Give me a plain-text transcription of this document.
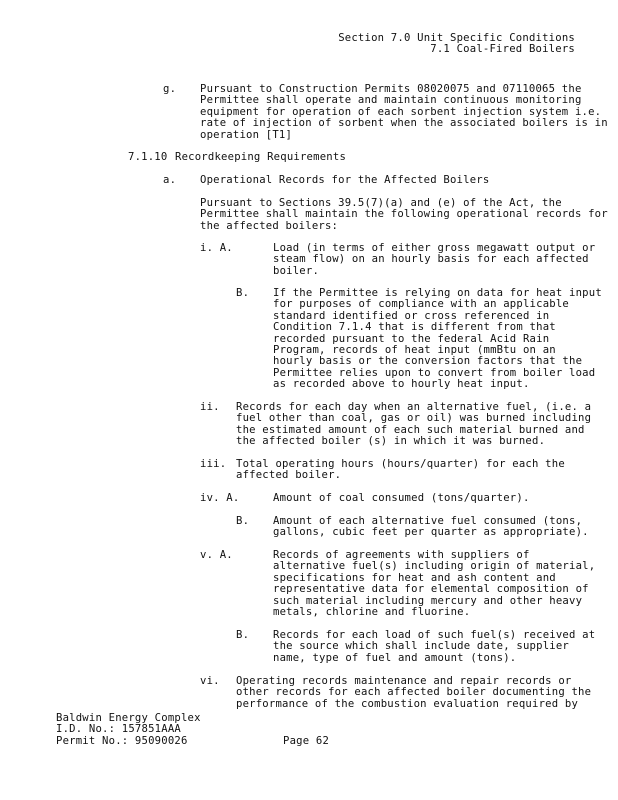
Section 7.0 Unit Specific Conditions
7.1 Coal-Fired Boilers
g. Pursuant to Construction Permits 08020075 and 07110065 the
Permittee shall operate and maintain continuous monitoring
equipment for operation of each sorbent injection system i.e.
rate of injection of sorbent when the associated boilers is in
operation [T1]
7.1.10 Recordkeeping Requirements
a. Operational Records for the Affected Boilers
Pursuant to Sections 39.5(7)(a) and (e) of the Act, the
Permittee shall maintain the following operational records for
the affected boilers:
i. A.	Load (in terms of either gross megawatt output or
steam flow) on an hourly basis for each affected
boiler.
B. If the Permittee is relying on data for heat input
for purposes of compliance with an applicable
standard identified or cross referenced in
Condition 7.1.4 that is different from that
recorded pursuant to the federal Acid Rain
Program, records of heat input (mmBtu on an
hourly basis or the conversion factors that the
Permittee relies upon to convert from boiler load
as recorded above to hourly heat input.
ii. Records for each day when an alternative fuel, (i.e. a
fuel other than coal, gas or oil) was burned including
the estimated amount of each such material burned and
the affected boiler (s) in which it was burned.
iii. Total operating hours (hours/quarter) for each the
affected boiler.
iv. A.	Amount of coal consumed (tons/quarter).
B. Amount of each alternative fuel consumed (tons,
gallons, cubic feet per quarter as appropriate).
v. A.	Records of agreements with suppliers of
alternative fuel(s) including origin of material,
specifications for heat and ash content and
representative data for elemental composition of
such material including mercury and other heavy
metals, chlorine and fluorine.
B. Records for each load of such fuel(s) received at
the source which shall include date, supplier
name, type of fuel and amount (tons).
vi. Operating records maintenance and repair records or
other records for each affected boiler documenting the
performance of the combustion evaluation required by
Baldwin Energy Complex
I.D. No.: 157851AAA
Permit No.: 95090026	Page 62
